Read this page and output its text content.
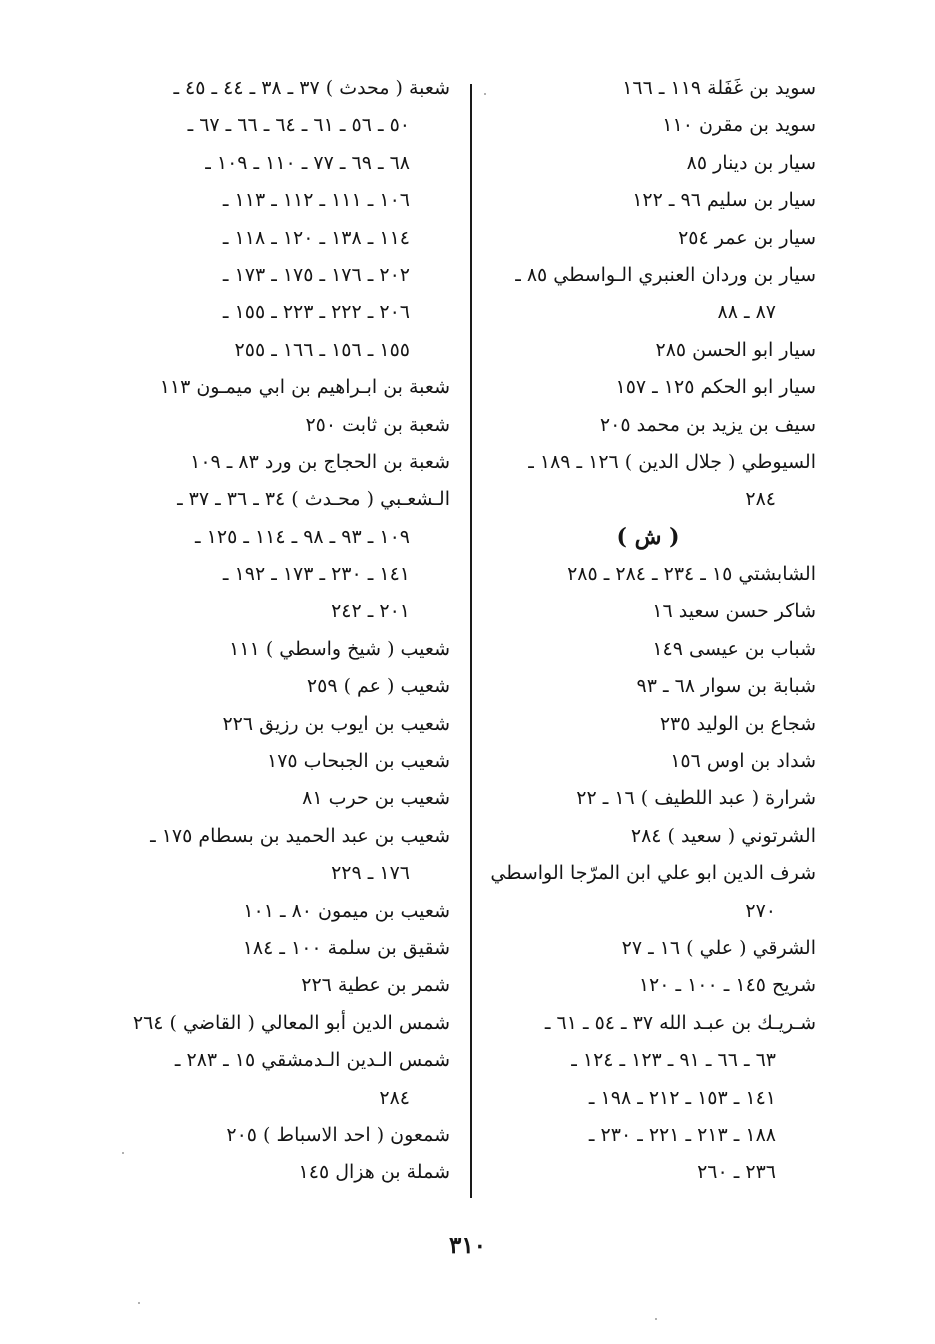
سويد بن غَفَلة ١١٩ ـ ١٦٦
سويد بن مقرن ١١٠
سيار بن دينار ٨٥
سيار بن سليم ٩٦ ـ ١٢٢
سيار بن عمر ٢٥٤
سيار بن وردان العنبري الـواسطي ٨٥ ـ
٨٧ ـ ٨٨
سيار ابو الحسن ٢٨٥
سيار ابو الحكم ١٢٥ ـ ١٥٧
سيف بن يزيد بن محمد ٢٠٥
السيوطي ( جلال الدين ) ١٢٦ ـ ١٨٩ ـ
٢٨٤
( ش )
الشابشتي ١٥ ـ ٢٣٤ ـ ٢٨٤ ـ ٢٨٥
شاكر حسن سعيد ١٦
شباب بن عيسى ١٤٩
شبابة بن سوار ٦٨ ـ ٩٣
شجاع بن الوليد ٢٣٥
شداد بن اوس ١٥٦
شرارة ( عبد اللطيف ) ١٦ ـ ٢٢
الشرتوني ( سعيد ) ٢٨٤
شرف الدين ابو علي ابن المرّجا الواسطي
٢٧٠
الشرقي ( علي ) ١٦ ـ ٢٧
شريح ١٤٥ ـ ١٠٠ ـ ١٢٠
شـريـك بن عبـد الله ٣٧ ـ ٥٤ ـ ٦١ ـ
٦٣ ـ ٦٦ ـ ٩١ ـ ١٢٣ ـ ١٢٤ ـ
١٤١ ـ ١٥٣ ـ ٢١٢ ـ ١٩٨ ـ
١٨٨ ـ ٢١٣ ـ ٢٢١ ـ ٢٣٠ ـ
٢٣٦ ـ ٢٦٠
شعبة ( محدث ) ٣٧ ـ ٣٨ ـ ٤٤ ـ ٤٥ ـ
٥٠ ـ ٥٦ ـ ٦١ ـ ٦٤ ـ ٦٦ ـ ٦٧ ـ
٦٨ ـ ٦٩ ـ ٧٧ ـ ١١٠ ـ ١٠٩ ـ
١٠٦ ـ ١١١ ـ ١١٢ ـ ١١٣ ـ
١١٤ ـ ١٣٨ ـ ١٢٠ ـ ١١٨ ـ
٢٠٢ ـ ١٧٦ ـ ١٧٥ ـ ١٧٣ ـ
٢٠٦ ـ ٢٢٢ ـ ٢٢٣ ـ ١٥٥ ـ
١٥٥ ـ ١٥٦ ـ ١٦٦ ـ ٢٥٥
شعبة بن ابـراهيم بن ابي ميمـون ١١٣
شعبة بن ثابت ٢٥٠
شعبة بن الحجاج بن ورد ٨٣ ـ ١٠٩
الـشعـبي ( محـدث ) ٣٤ ـ ٣٦ ـ ٣٧ ـ
١٠٩ ـ ٩٣ ـ ٩٨ ـ ١١٤ ـ ١٢٥ ـ
١٤١ ـ ٢٣٠ ـ ١٧٣ ـ ١٩٢ ـ
٢٠١ ـ ٢٤٢
شعيب ( شيخ واسطي ) ١١١
شعيب ( عم ) ٢٥٩
شعيب بن ايوب بن رزيق ٢٢٦
شعيب بن الجبحاب ١٧٥
شعيب بن حرب ٨١
شعيب بن عبد الحميد بن بسطام ١٧٥ ـ
١٧٦ ـ ٢٢٩
شعيب بن ميمون ٨٠ ـ ١٠١
شقيق بن سلمة ١٠٠ ـ ١٨٤
شمر بن عطية ٢٢٦
شمس الدين أبو المعالي ( القاضي ) ٢٦٤
شمس الـدين الـدمشقي ١٥ ـ ٢٨٣ ـ
٢٨٤
شمعون ( احد الاسباط ) ٢٠٥
شملة بن هزال ١٤٥
٣١٠
